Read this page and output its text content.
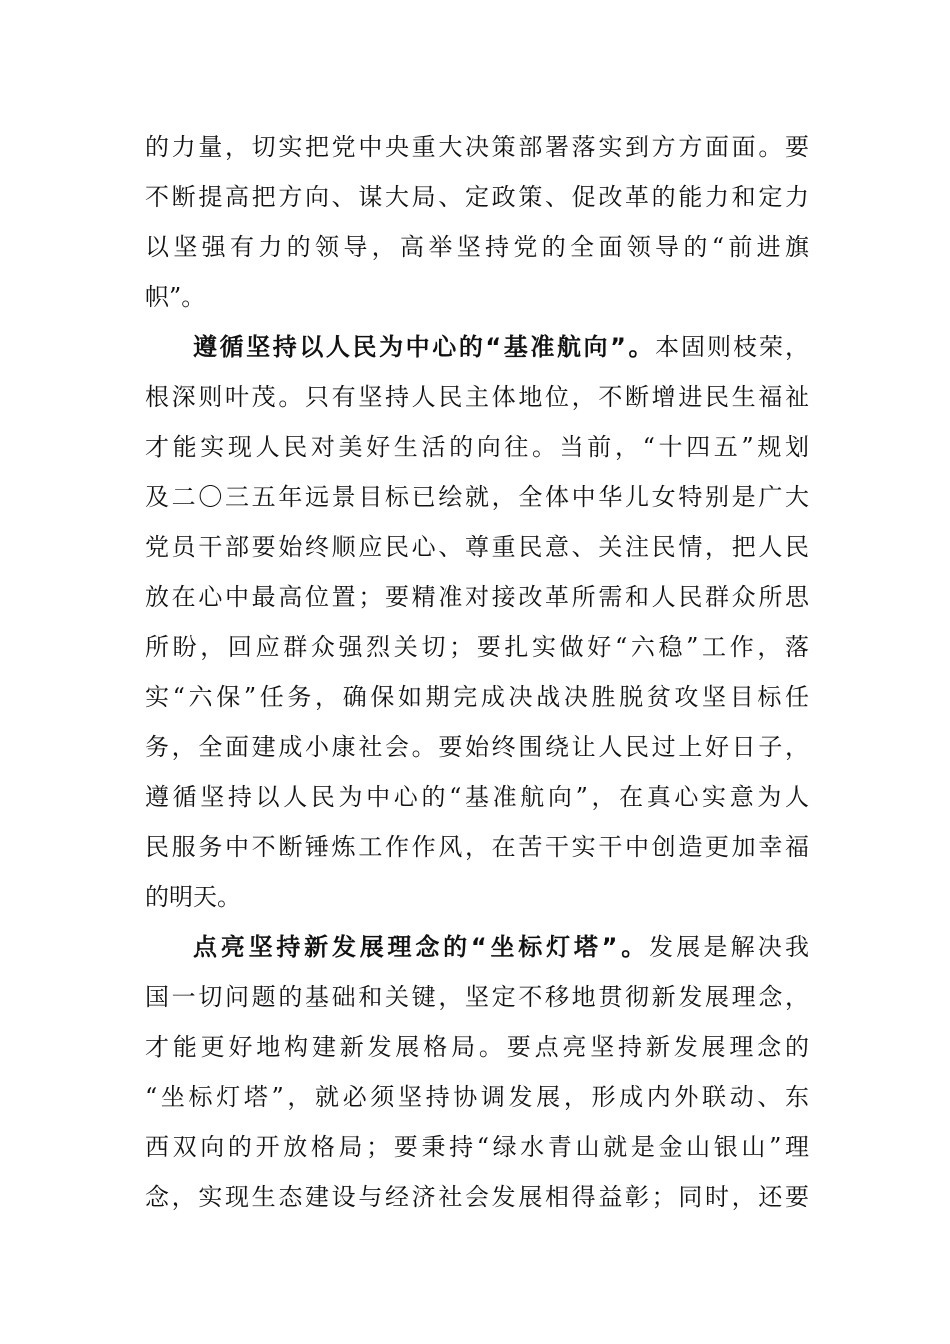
的力量，切实把党中央重大决策部署落实到方方面面。要
不断提高把方向、谋大局、定政策、促改革的能力和定力
以坚强有力的领导，高举坚持党的全面领导的“前进旗
帜”。
遵循坚持以人民为中心的“基准航向”。本固则枝荣，
根深则叶茂。只有坚持人民主体地位，不断增进民生福祉
才能实现人民对美好生活的向往。当前，“十四五”规划
及二〇三五年远景目标已绘就，全体中华儿女特别是广大
党员干部要始终顺应民心、尊重民意、关注民情，把人民
放在心中最高位置；要精准对接改革所需和人民群众所思
所盼，回应群众强烈关切；要扎实做好“六稳”工作，落
实“六保”任务，确保如期完成决战决胜脱贫攻坚目标任
务，全面建成小康社会。要始终围绕让人民过上好日子，
遵循坚持以人民为中心的“基准航向”，在真心实意为人
民服务中不断锤炼工作作风，在苦干实干中创造更加幸福
的明天。
点亮坚持新发展理念的“坐标灯塔”。发展是解决我
国一切问题的基础和关键，坚定不移地贯彻新发展理念，
才能更好地构建新发展格局。要点亮坚持新发展理念的
“坐标灯塔”，就必须坚持协调发展，形成内外联动、东
西双向的开放格局；要秉持“绿水青山就是金山银山”理
念，实现生态建设与经济社会发展相得益彰；同时，还要
